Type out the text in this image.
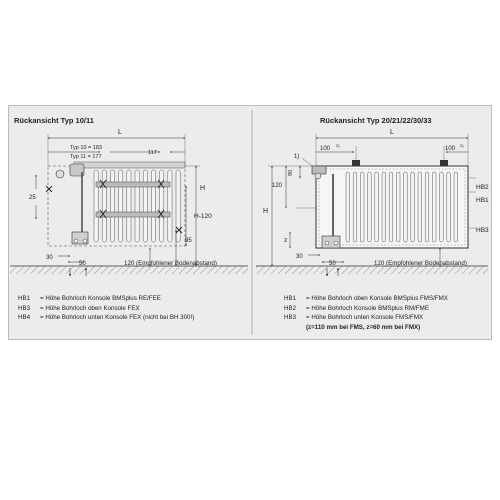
Rückansicht Typ 10/11	Rückansicht Typ 20/21/22/30/33
L
Typ 10 = 183
Typ 11 = 177
117
H
H-120
25
95
30
50	120 (Empfohlener Bodenabstand)
L
100
2)
100
2)
1)
90
120
H
z
HB2
HB1
HB3
30
50	120 (Empfohlener Bodenabstand)
HB1 = Höhe Bohrloch Konsole BMSplus RE/FEE
HB3 = Höhe Bohrloch oben Konsole FEX
HB4 = Höhe Bohrloch unten Konsole FEX (nicht bei BH 300!)
HB1 = Höhe Bohrloch oben Konsole BMSplus FMS/FMX
HB2 = Höhe Bohrloch Konsole BMSplus RM/FME
HB3 = Höhe Bohrloch unten Konsole FMS/FMX
(z=110 mm bei FMS, z=60 mm bei FMX)
